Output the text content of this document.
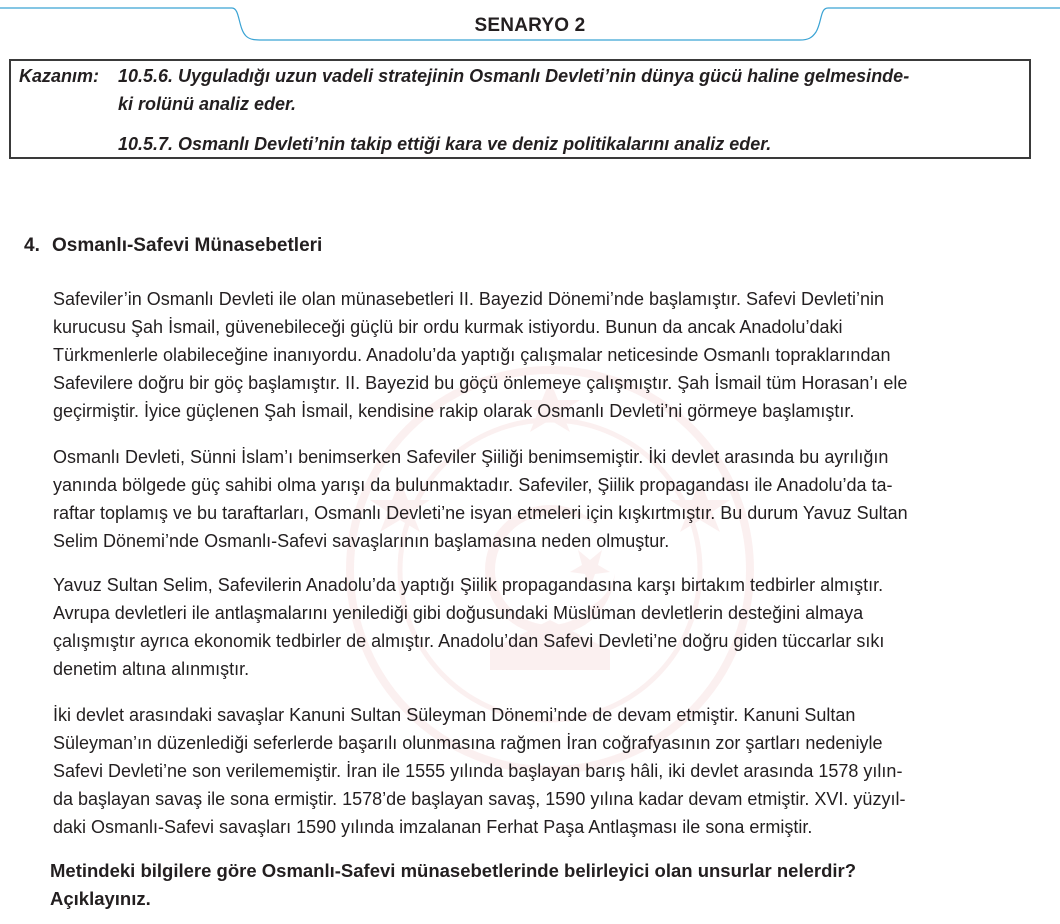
SENARYO 2
Kazanım: 10.5.6. Uyguladığı uzun vadeli stratejinin Osmanlı Devleti’nin dünya gücü haline gelmesinde-
ki rolünü analiz eder.
10.5.7. Osmanlı Devleti’nin takip ettiği kara ve deniz politikalarını analiz eder.
4. Osmanlı-Safevi Münasebetleri
Safeviler’in Osmanlı Devleti ile olan münasebetleri II. Bayezid Dönemi’nde başlamıştır. Safevi Devleti’nin
kurucusu Şah İsmail, güvenebileceği güçlü bir ordu kurmak istiyordu. Bunun da ancak Anadolu’daki
Türkmenlerle olabileceğine inanıyordu. Anadolu’da yaptığı çalışmalar neticesinde Osmanlı topraklarından
Safevilere doğru bir göç başlamıştır. II. Bayezid bu göçü önlemeye çalışmıştır. Şah İsmail tüm Horasan’ı ele
geçirmiştir. İyice güçlenen Şah İsmail, kendisine rakip olarak Osmanlı Devleti’ni görmeye başlamıştır.
Osmanlı Devleti, Sünni İslam’ı benimserken Safeviler Şiiliği benimsemiştir. İki devlet arasında bu ayrılığın
yanında bölgede güç sahibi olma yarışı da bulunmaktadır. Safeviler, Şiilik propagandası ile Anadolu’da ta-
raftar toplamış ve bu taraftarları, Osmanlı Devleti’ne isyan etmeleri için kışkırtmıştır. Bu durum Yavuz Sultan
Selim Dönemi’nde Osmanlı-Safevi savaşlarının başlamasına neden olmuştur.
Yavuz Sultan Selim, Safevilerin Anadolu’da yaptığı Şiilik propagandasına karşı birtakım tedbirler almıştır.
Avrupa devletleri ile antlaşmalarını yenilediği gibi doğusundaki Müslüman devletlerin desteğini almaya
çalışmıştır ayrıca ekonomik tedbirler de almıştır. Anadolu’dan Safevi Devleti’ne doğru giden tüccarlar sıkı
denetim altına alınmıştır.
İki devlet arasındaki savaşlar Kanuni Sultan Süleyman Dönemi’nde de devam etmiştir. Kanuni Sultan
Süleyman’ın düzenlediği seferlerde başarılı olunmasına rağmen İran coğrafyasının zor şartları nedeniyle
Safevi Devleti’ne son verilememiştir. İran ile 1555 yılında başlayan barış hâli, iki devlet arasında 1578 yılın-
da başlayan savaş ile sona ermiştir. 1578’de başlayan savaş, 1590 yılına kadar devam etmiştir. XVI. yüzyıl-
daki Osmanlı-Safevi savaşları 1590 yılında imzalanan Ferhat Paşa Antlaşması ile sona ermiştir.
Metindeki bilgilere göre Osmanlı-Safevi münasebetlerinde belirleyici olan unsurlar nelerdir?
Açıklayınız.
